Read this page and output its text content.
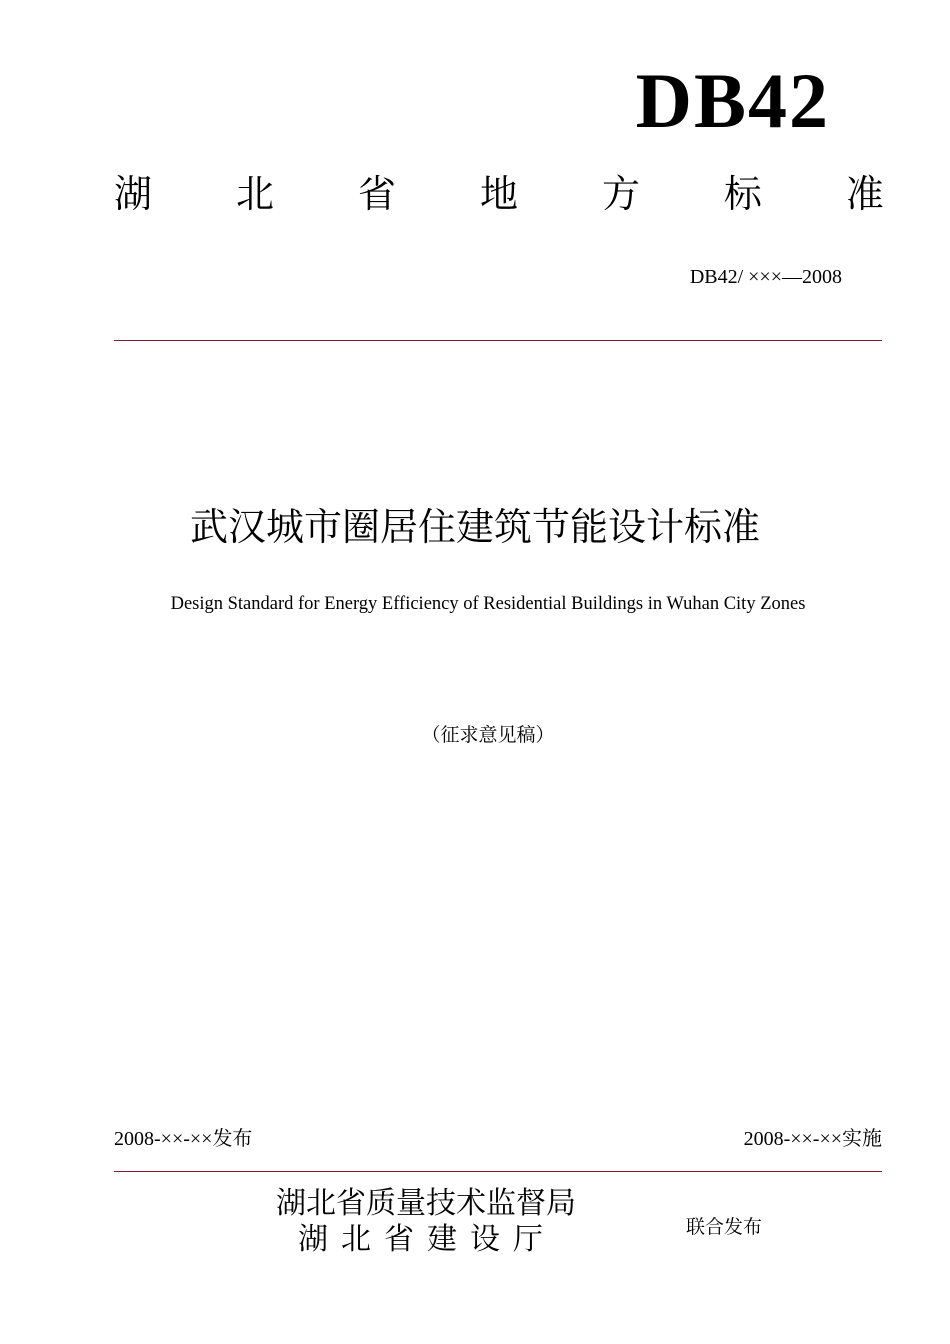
DB42
湖 北 省 地 方 标 准
DB42/ ×××—2008
武汉城市圈居住建筑节能设计标准
Design Standard for Energy Efficiency of Residential Buildings in Wuhan City Zones
（征求意见稿）
2008-××-××发布	2008-××-××实施
湖北省质量技术监督局
湖北省建设厅	联合发布
